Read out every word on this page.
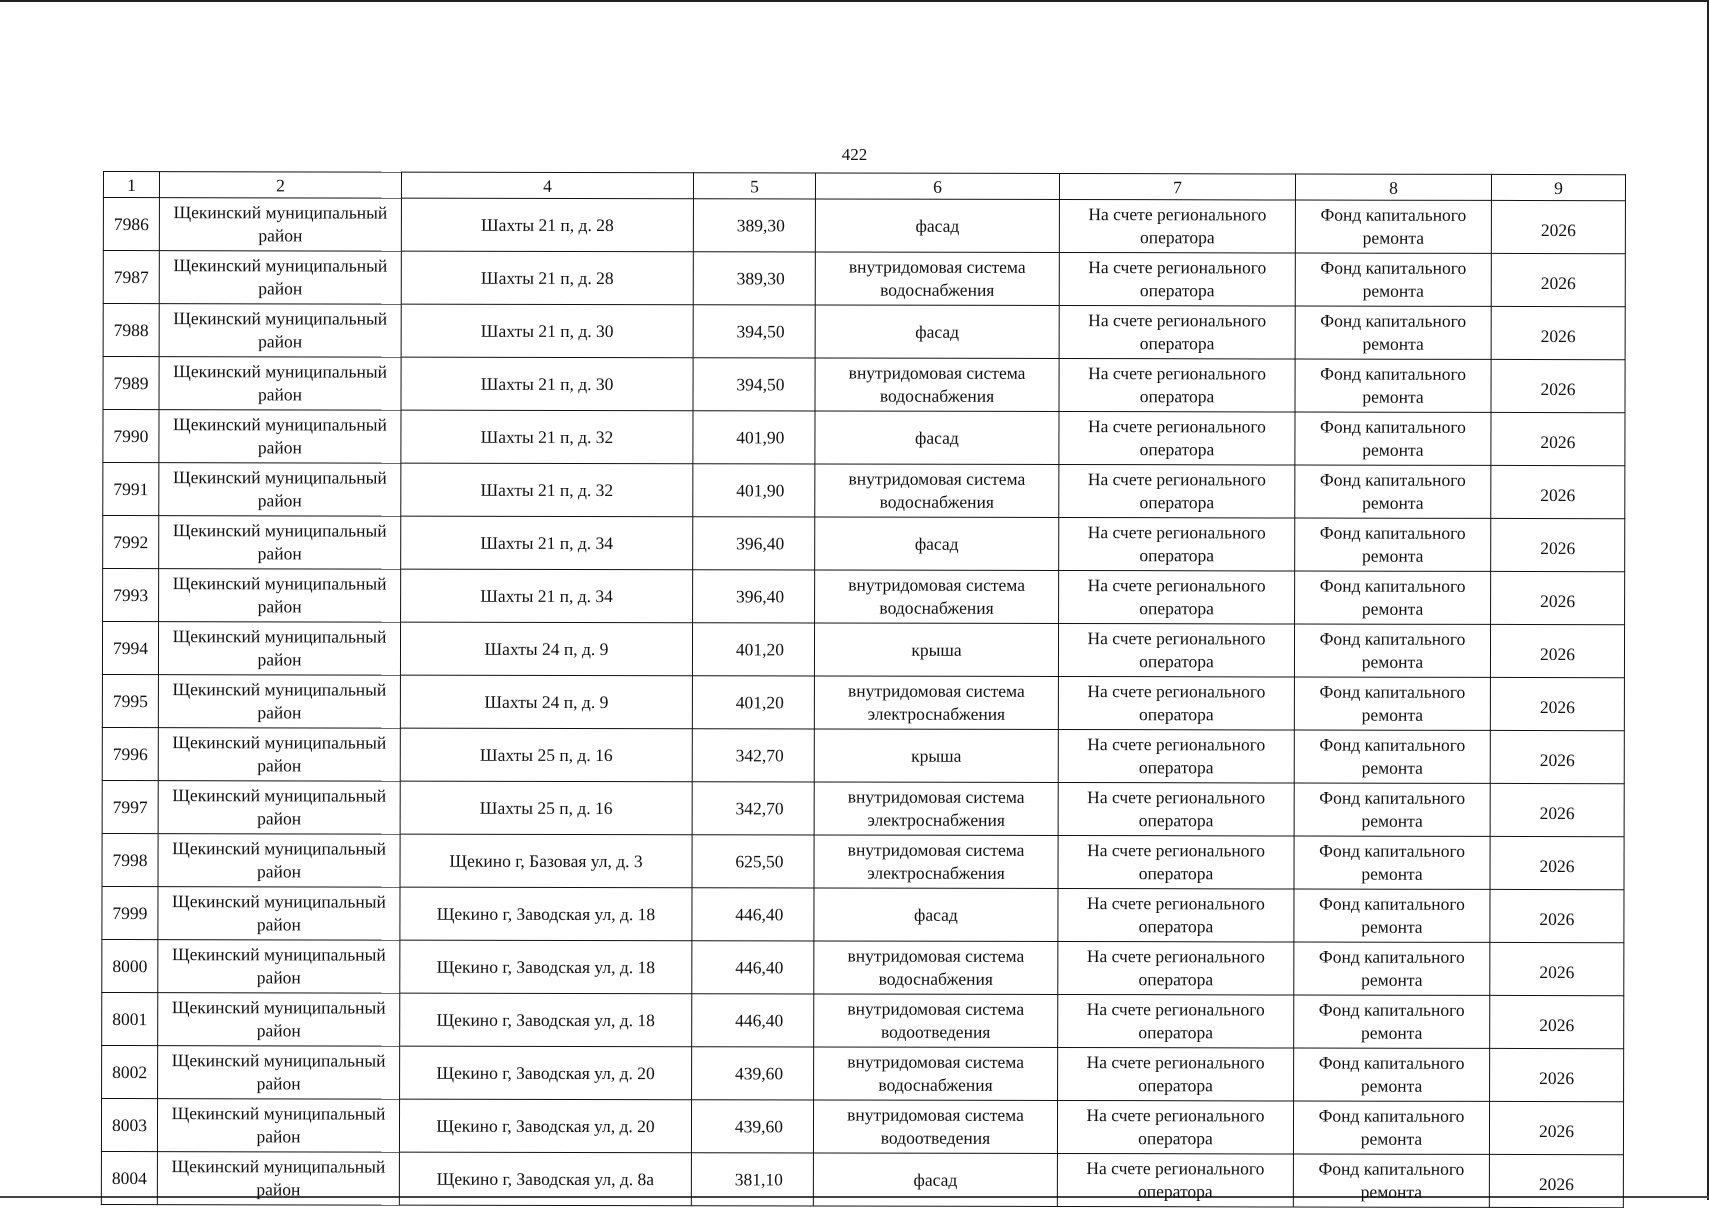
422
1	2	4	5	6	7	8	9
7986	Щекинский муниципальный район	Шахты 21 п, д. 28	389,30	фасад	На счете регионального оператора	Фонд капитального ремонта	2026
7987	Щекинский муниципальный район	Шахты 21 п, д. 28	389,30	внутридомовая система водоснабжения	На счете регионального оператора	Фонд капитального ремонта	2026
7988	Щекинский муниципальный район	Шахты 21 п, д. 30	394,50	фасад	На счете регионального оператора	Фонд капитального ремонта	2026
7989	Щекинский муниципальный район	Шахты 21 п, д. 30	394,50	внутридомовая система водоснабжения	На счете регионального оператора	Фонд капитального ремонта	2026
7990	Щекинский муниципальный район	Шахты 21 п, д. 32	401,90	фасад	На счете регионального оператора	Фонд капитального ремонта	2026
7991	Щекинский муниципальный район	Шахты 21 п, д. 32	401,90	внутридомовая система водоснабжения	На счете регионального оператора	Фонд капитального ремонта	2026
7992	Щекинский муниципальный район	Шахты 21 п, д. 34	396,40	фасад	На счете регионального оператора	Фонд капитального ремонта	2026
7993	Щекинский муниципальный район	Шахты 21 п, д. 34	396,40	внутридомовая система водоснабжения	На счете регионального оператора	Фонд капитального ремонта	2026
7994	Щекинский муниципальный район	Шахты 24 п, д. 9	401,20	крыша	На счете регионального оператора	Фонд капитального ремонта	2026
7995	Щекинский муниципальный район	Шахты 24 п, д. 9	401,20	внутридомовая система электроснабжения	На счете регионального оператора	Фонд капитального ремонта	2026
7996	Щекинский муниципальный район	Шахты 25 п, д. 16	342,70	крыша	На счете регионального оператора	Фонд капитального ремонта	2026
7997	Щекинский муниципальный район	Шахты 25 п, д. 16	342,70	внутридомовая система электроснабжения	На счете регионального оператора	Фонд капитального ремонта	2026
7998	Щекинский муниципальный район	Щекино г, Базовая ул, д. 3	625,50	внутридомовая система электроснабжения	На счете регионального оператора	Фонд капитального ремонта	2026
7999	Щекинский муниципальный район	Щекино г, Заводская ул, д. 18	446,40	фасад	На счете регионального оператора	Фонд капитального ремонта	2026
8000	Щекинский муниципальный район	Щекино г, Заводская ул, д. 18	446,40	внутридомовая система водоснабжения	На счете регионального оператора	Фонд капитального ремонта	2026
8001	Щекинский муниципальный район	Щекино г, Заводская ул, д. 18	446,40	внутридомовая система водоотведения	На счете регионального оператора	Фонд капитального ремонта	2026
8002	Щекинский муниципальный район	Щекино г, Заводская ул, д. 20	439,60	внутридомовая система водоснабжения	На счете регионального оператора	Фонд капитального ремонта	2026
8003	Щекинский муниципальный район	Щекино г, Заводская ул, д. 20	439,60	внутридомовая система водоотведения	На счете регионального оператора	Фонд капитального ремонта	2026
8004	Щекинский муниципальный район	Щекино г, Заводская ул, д. 8а	381,10	фасад	На счете регионального оператора	Фонд капитального ремонта	2026
